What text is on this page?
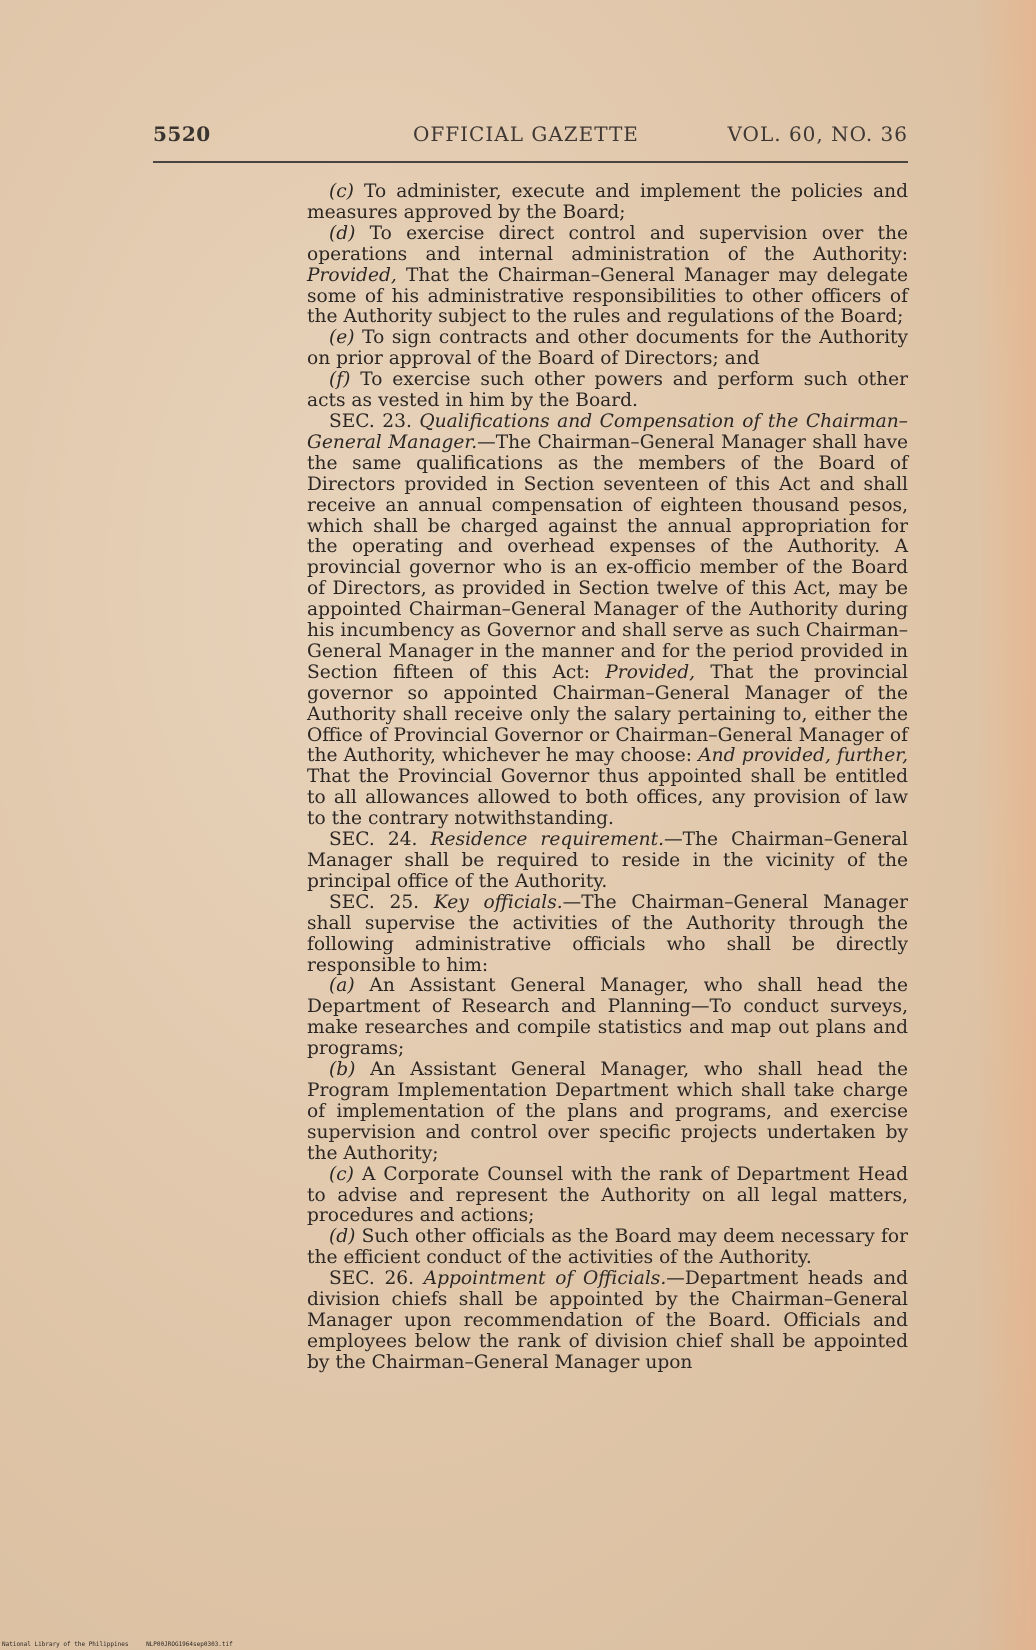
5520	OFFICIAL GAZETTE	VOL. 60, NO. 36

(c) To administer, execute and implement the policies and measures approved by the Board;

(d) To exercise direct control and supervision over the operations and internal administration of the Authority: Provided, That the Chairman–General Manager may delegate some of his administrative responsibilities to other officers of the Authority subject to the rules and regulations of the Board;

(e) To sign contracts and other documents for the Authority on prior approval of the Board of Directors; and

(f) To exercise such other powers and perform such other acts as vested in him by the Board.

SEC. 23. Qualifications and Compensation of the Chairman–General Manager.—The Chairman–General Manager shall have the same qualifications as the members of the Board of Directors provided in Section seventeen of this Act and shall receive an annual compensation of eighteen thousand pesos, which shall be charged against the annual appropriation for the operating and overhead expenses of the Authority. A provincial governor who is an ex-officio member of the Board of Directors, as provided in Section twelve of this Act, may be appointed Chairman–General Manager of the Authority during his incumbency as Governor and shall serve as such Chairman–General Manager in the manner and for the period provided in Section fifteen of this Act: Provided, That the provincial governor so appointed Chairman–General Manager of the Authority shall receive only the salary pertaining to, either the Office of Provincial Governor or Chairman–General Manager of the Authority, whichever he may choose: And provided, further, That the Provincial Governor thus appointed shall be entitled to all allowances allowed to both offices, any provision of law to the contrary notwithstanding.

SEC. 24. Residence requirement.—The Chairman–General Manager shall be required to reside in the vicinity of the principal office of the Authority.

SEC. 25. Key officials.—The Chairman–General Manager shall supervise the activities of the Authority through the following administrative officials who shall be directly responsible to him:

(a) An Assistant General Manager, who shall head the Department of Research and Planning—To conduct surveys, make researches and compile statistics and map out plans and programs;

(b) An Assistant General Manager, who shall head the Program Implementation Department which shall take charge of implementation of the plans and programs, and exercise supervision and control over specific projects undertaken by the Authority;

(c) A Corporate Counsel with the rank of Department Head to advise and represent the Authority on all legal matters, procedures and actions;

(d) Such other officials as the Board may deem necessary for the efficient conduct of the activities of the Authority.

SEC. 26. Appointment of Officials.—Department heads and division chiefs shall be appointed by the Chairman–General Manager upon recommendation of the Board. Officials and employees below the rank of division chief shall be appointed by the Chairman–General Manager upon

National Library of the Philippines	NLP00JROG1964sep0303.tif
